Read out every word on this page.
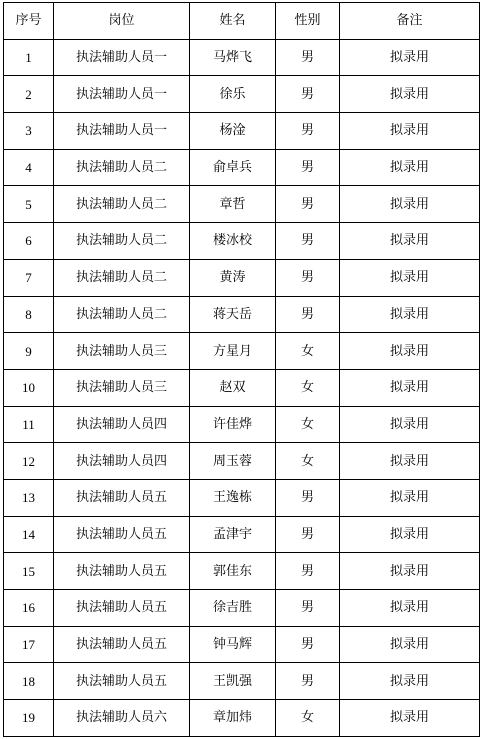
序号	岗位	姓名	性别	备注
1	执法辅助人员一	马烨飞	男	拟录用
2	执法辅助人员一	徐乐	男	拟录用
3	执法辅助人员一	杨淦	男	拟录用
4	执法辅助人员二	俞卓兵	男	拟录用
5	执法辅助人员二	章哲	男	拟录用
6	执法辅助人员二	楼冰校	男	拟录用
7	执法辅助人员二	黄涛	男	拟录用
8	执法辅助人员二	蒋天岳	男	拟录用
9	执法辅助人员三	方星月	女	拟录用
10	执法辅助人员三	赵双	女	拟录用
11	执法辅助人员四	许佳烨	女	拟录用
12	执法辅助人员四	周玉蓉	女	拟录用
13	执法辅助人员五	王逸栋	男	拟录用
14	执法辅助人员五	孟津宇	男	拟录用
15	执法辅助人员五	郭佳东	男	拟录用
16	执法辅助人员五	徐吉胜	男	拟录用
17	执法辅助人员五	钟马辉	男	拟录用
18	执法辅助人员五	王凯强	男	拟录用
19	执法辅助人员六	章加炜	女	拟录用
